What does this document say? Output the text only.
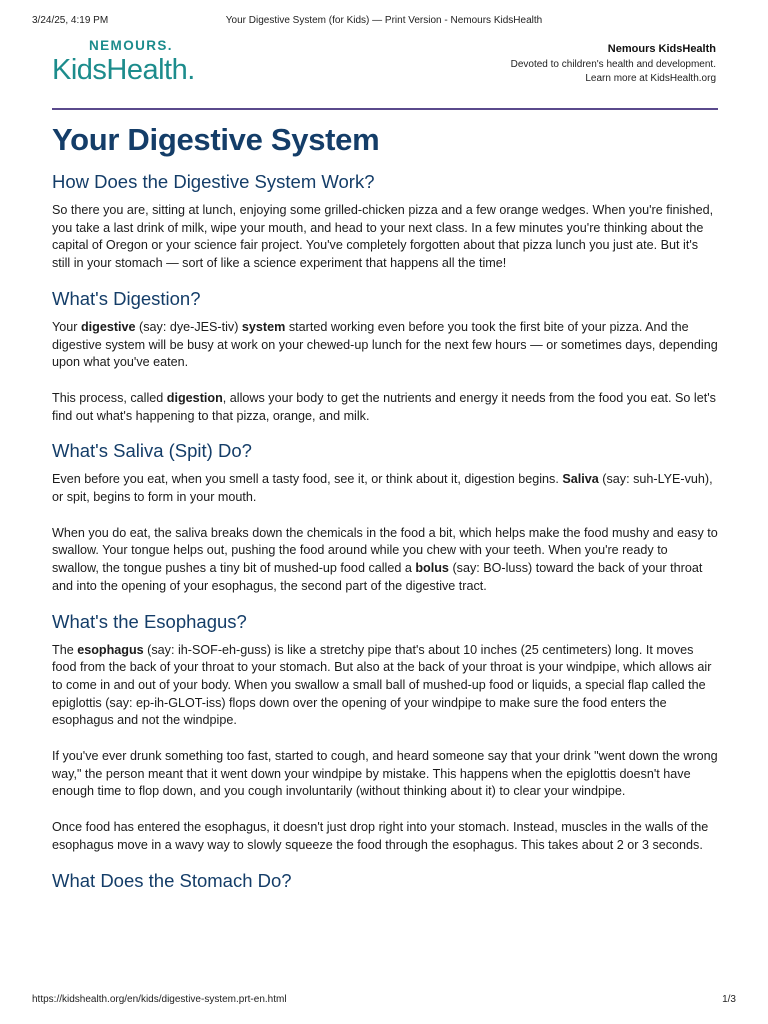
3/24/25, 4:19 PM	Your Digestive System (for Kids) — Print Version - Nemours KidsHealth
NEMOURS.
KidsHealth.
Nemours KidsHealth
Devoted to children's health and development.
Learn more at KidsHealth.org
Your Digestive System
How Does the Digestive System Work?

So there you are, sitting at lunch, enjoying some grilled-chicken pizza and a few orange wedges. When you're finished, you take a last drink of milk, wipe your mouth, and head to your next class. In a few minutes you're thinking about the capital of Oregon or your science fair project. You've completely forgotten about that pizza lunch you just ate. But it's still in your stomach — sort of like a science experiment that happens all the time!

What's Digestion?

Your digestive (say: dye-JES-tiv) system started working even before you took the first bite of your pizza. And the digestive system will be busy at work on your chewed-up lunch for the next few hours — or sometimes days, depending upon what you've eaten.

This process, called digestion, allows your body to get the nutrients and energy it needs from the food you eat. So let's find out what's happening to that pizza, orange, and milk.

What's Saliva (Spit) Do?

Even before you eat, when you smell a tasty food, see it, or think about it, digestion begins. Saliva (say: suh-LYE-vuh), or spit, begins to form in your mouth.

When you do eat, the saliva breaks down the chemicals in the food a bit, which helps make the food mushy and easy to swallow. Your tongue helps out, pushing the food around while you chew with your teeth. When you're ready to swallow, the tongue pushes a tiny bit of mushed-up food called a bolus (say: BO-luss) toward the back of your throat and into the opening of your esophagus, the second part of the digestive tract.

What's the Esophagus?

The esophagus (say: ih-SOF-eh-guss) is like a stretchy pipe that's about 10 inches (25 centimeters) long. It moves food from the back of your throat to your stomach. But also at the back of your throat is your windpipe, which allows air to come in and out of your body. When you swallow a small ball of mushed-up food or liquids, a special flap called the epiglottis (say: ep-ih-GLOT-iss) flops down over the opening of your windpipe to make sure the food enters the esophagus and not the windpipe.

If you've ever drunk something too fast, started to cough, and heard someone say that your drink "went down the wrong way," the person meant that it went down your windpipe by mistake. This happens when the epiglottis doesn't have enough time to flop down, and you cough involuntarily (without thinking about it) to clear your windpipe.

Once food has entered the esophagus, it doesn't just drop right into your stomach. Instead, muscles in the walls of the esophagus move in a wavy way to slowly squeeze the food through the esophagus. This takes about 2 or 3 seconds.

What Does the Stomach Do?
https://kidshealth.org/en/kids/digestive-system.prt-en.html	1/3
